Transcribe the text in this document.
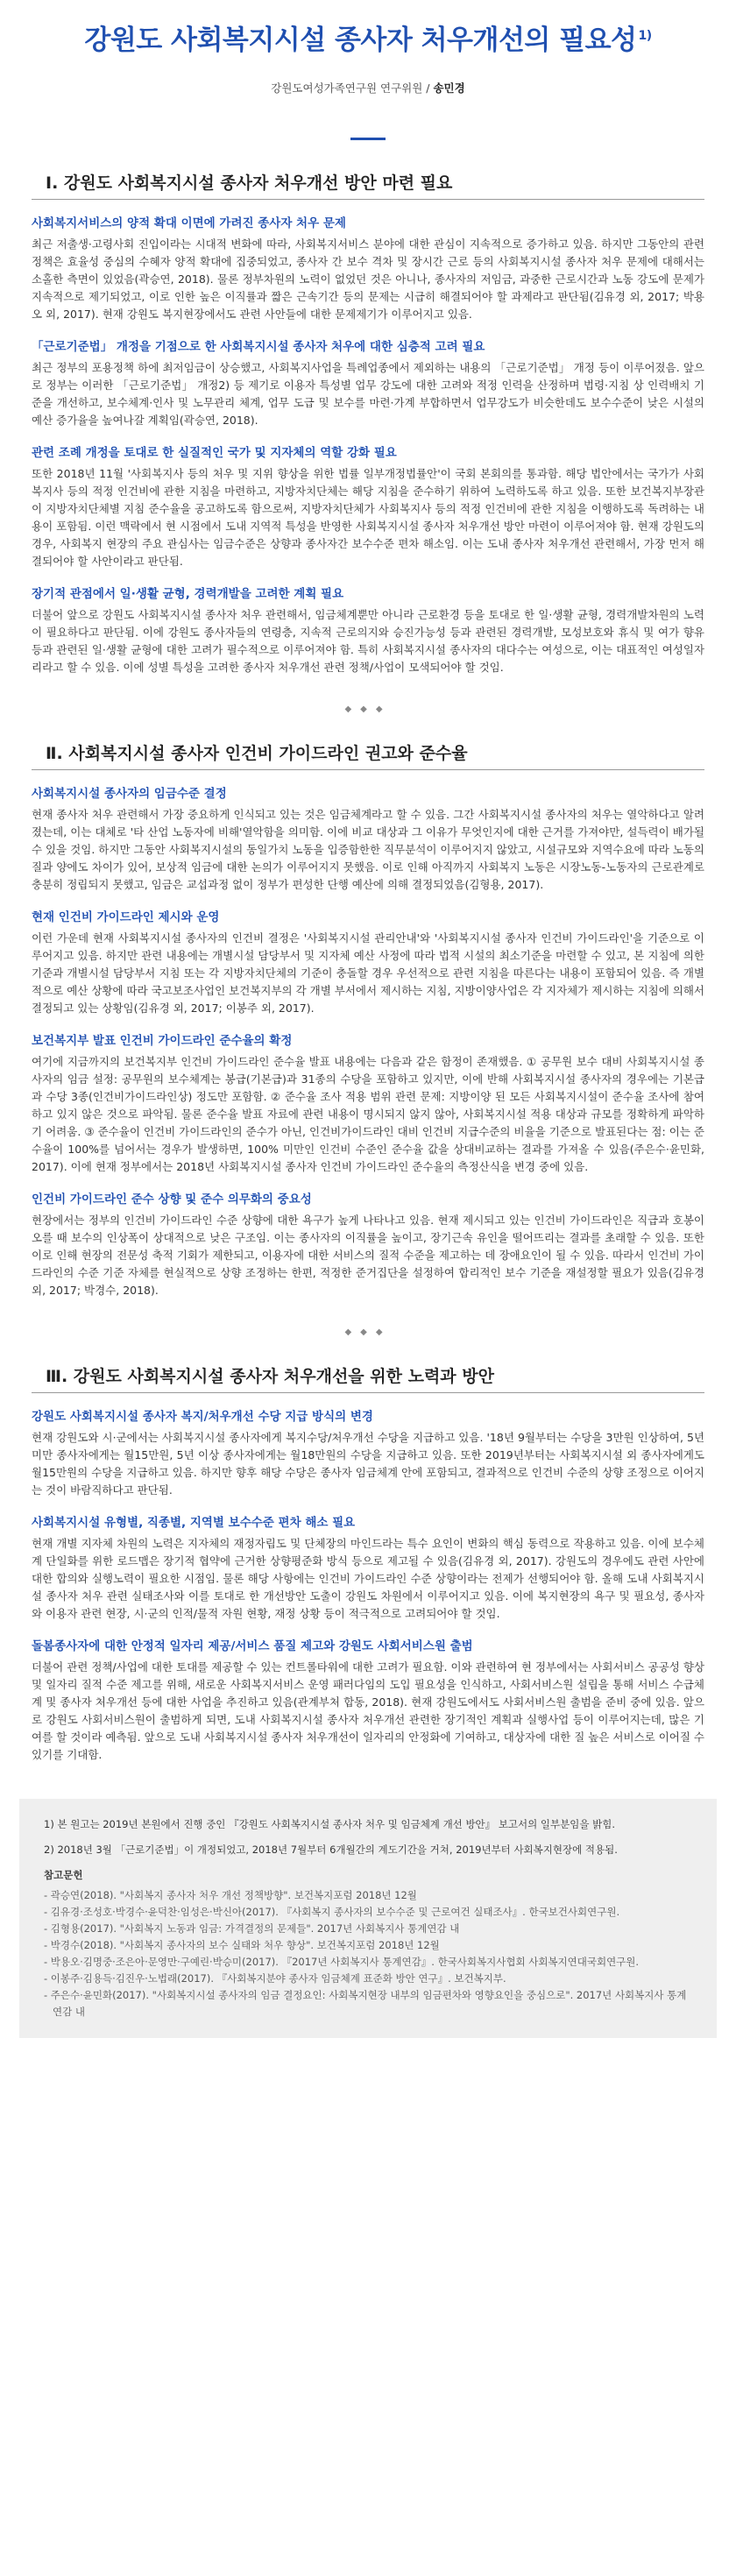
강원도 사회복지시설 종사자 처우개선의 필요성 $^{1)}$
강원도여성가족연구원 연구위원 / 송민경
Ⅰ. 강원도 사회복지시설 종사자 처우개선 방안 마련 필요
사회복지서비스의 양적 확대 이면에 가려진 종사자 처우 문제

최근 저출생·고령사회 진입이라는 시대적 변화에 따라, 사회복지서비스 분야에 대한 관심이 지속적으로 증가하고 있음. 하지만 그동안의 관련 정책은 효율성 중심의 수혜자 양적 확대에 집중되었고, 종사자 간 보수 격차 및 장시간 근로 등의 사회복지시설 종사자 처우 문제에 대해서는 소홀한 측면이 있었음(곽승연, 2018). 물론 정부차원의 노력이 없었던 것은 아니나, 종사자의 저임금, 과중한 근로시간과 노동 강도에 문제가 지속적으로 제기되었고, 이로 인한 높은 이직률과 짧은 근속기간 등의 문제는 시급히 해결되어야 할 과제라고 판단됨(김유경 외, 2017; 박용오 외, 2017). 현재 강원도 복지현장에서도 관련 사안들에 대한 문제제기가 이루어지고 있음.

「근로기준법」 개정을 기점으로 한 사회복지시설 종사자 처우에 대한 심층적 고려 필요

최근 정부의 포용정책 하에 최저임금이 상승했고, 사회복지사업을 특례업종에서 제외하는 내용의 「근로기준법」 개정 등이 이루어졌음. 앞으로 정부는 이러한 「근로기준법」 개정2) 등 제기로 이용자 특성별 업무 강도에 대한 고려와 적정 인력을 산정하며 법령·지침 상 인력배치 기준을 개선하고, 보수체계·인사 및 노무관리 체계, 업무 도급 및 보수를 마련·가계 부합하면서 업무강도가 비슷한데도 보수수준이 낮은 시설의 예산 증가율을 높여나갈 계획임(곽승연, 2018).

관련 조례 개정을 토대로 한 실질적인 국가 및 지자체의 역할 강화 필요

또한 2018년 11월 '사회복지사 등의 처우 및 지위 향상을 위한 법률 일부개정법률안'이 국회 본회의를 통과함. 해당 법안에서는 국가가 사회복지사 등의 적정 인건비에 관한 지침을 마련하고, 지방자치단체는 해당 지침을 준수하기 위하여 노력하도록 하고 있음. 또한 보건복지부장관이 지방자치단체별 지침 준수율을 공고하도록 함으로써, 지방자치단체가 사회복지사 등의 적정 인건비에 관한 지침을 이행하도록 독려하는 내용이 포함됨. 이런 맥락에서 현 시점에서 도내 지역적 특성을 반영한 사회복지시설 종사자 처우개선 방안 마련이 이루어져야 함. 현재 강원도의 경우, 사회복지 현장의 주요 관심사는 임금수준은 상향과 종사자간 보수수준 편차 해소임. 이는 도내 종사자 처우개선 관련해서, 가장 먼저 해결되어야 할 사안이라고 판단됨.

장기적 관점에서 일·생활 균형, 경력개발을 고려한 계획 필요

더불어 앞으로 강원도 사회복지시설 종사자 처우 관련해서, 임금체계뿐만 아니라 근로환경 등을 토대로 한 일·생활 균형, 경력개발차원의 노력이 필요하다고 판단됨. 이에 강원도 종사자들의 연령층, 지속적 근로의지와 승진가능성 등과 관련된 경력개발, 모성보호와 휴식 및 여가 향유 등과 관련된 일·생활 균형에 대한 고려가 필수적으로 이루어져야 함. 특히 사회복지시설 종사자의 대다수는 여성으로, 이는 대표적인 여성일자리라고 할 수 있음. 이에 성별 특성을 고려한 종사자 처우개선 관련 정책/사업이 모색되어야 할 것임.

◆◆◆
Ⅱ. 사회복지시설 종사자 인건비 가이드라인 권고와 준수율
사회복지시설 종사자의 임금수준 결정

현재 종사자 처우 관련해서 가장 중요하게 인식되고 있는 것은 임금체계라고 할 수 있음. 그간 사회복지시설 종사자의 처우는 열악하다고 알려졌는데, 이는 대체로 '타 산업 노동자에 비해'열악함을 의미함. 이에 비교 대상과 그 이유가 무엇인지에 대한 근거를 가져야만, 설득력이 배가될 수 있을 것임. 하지만 그동안 사회복지시설의 동일가치 노동을 입증함한한 직무분석이 이루어지지 않았고, 시설규모와 지역수요에 따라 노동의 질과 양에도 차이가 있어, 보상적 임금에 대한 논의가 이루어지지 못했음. 이로 인해 아직까지 사회복지 노동은 시장노동-노동자의 근로관계로 충분히 정립되지 못했고, 임금은 교섭과정 없이 정부가 편성한 단행 예산에 의해 결정되었음(김형용, 2017).

현재 인건비 가이드라인 제시와 운영

이런 가운데 현재 사회복지시설 종사자의 인건비 결정은 '사회복지시설 관리안내'와 '사회복지시설 종사자 인건비 가이드라인'을 기준으로 이루어지고 있음. 하지만 관련 내용에는 개별시설 담당부서 및 지자체 예산 사정에 따라 법적 시설의 최소기준을 마련할 수 있고, 본 지침에 의한 기준과 개별시설 담당부서 지침 또는 각 지방자치단체의 기준이 충돌할 경우 우선적으로 관련 지침을 따른다는 내용이 포함되어 있음. 즉 개별적으로 예산 상황에 따라 국고보조사업인 보건복지부의 각 개별 부서에서 제시하는 지침, 지방이양사업은 각 지자체가 제시하는 지침에 의해서 결정되고 있는 상황임(김유경 외, 2017; 이봉주 외, 2017).

보건복지부 발표 인건비 가이드라인 준수율의 확정

여기에 지금까지의 보건복지부 인건비 가이드라인 준수율 발표 내용에는 다음과 같은 함정이 존재했음. ① 공무원 보수 대비 사회복지시설 종사자의 임금 설정: 공무원의 보수체계는 봉급(기본급)과 31종의 수당을 포함하고 있지만, 이에 반해 사회복지시설 종사자의 경우에는 기본급과 수당 3종(인건비가이드라인상) 정도만 포함함. ② 준수율 조사 적용 범위 관련 문제: 지방이양 된 모든 사회복지시설이 준수율 조사에 참여하고 있지 않은 것으로 파악됨. 물론 준수율 발표 자료에 관련 내용이 명시되지 않지 않아, 사회복지시설 적용 대상과 규모를 정확하게 파악하기 어려움. ③ 준수율이 인건비 가이드라인의 준수가 아닌, 인건비가이드라인 대비 인건비 지급수준의 비율을 기준으로 발표된다는 점: 이는 준수율이 100%를 넘어서는 경우가 발생하면, 100% 미만인 인건비 수준인 준수율 값을 상대비교하는 결과를 가져올 수 있음(주은수·윤민화, 2017). 이에 현재 정부에서는 2018년 사회복지시설 종사자 인건비 가이드라인 준수율의 측정산식을 변경 중에 있음.

인건비 가이드라인 준수 상향 및 준수 의무화의 중요성

현장에서는 정부의 인건비 가이드라인 수준 상향에 대한 욕구가 높게 나타나고 있음. 현재 제시되고 있는 인건비 가이드라인은 직급과 호봉이 오를 때 보수의 인상폭이 상대적으로 낮은 구조임. 이는 종사자의 이직률을 높이고, 장기근속 유인을 떨어뜨리는 결과를 초래할 수 있음. 또한 이로 인해 현장의 전문성 축적 기회가 제한되고, 이용자에 대한 서비스의 질적 수준을 제고하는 데 장애요인이 될 수 있음. 따라서 인건비 가이드라인의 수준 기준 자체를 현실적으로 상향 조정하는 한편, 적정한 준거집단을 설정하여 합리적인 보수 기준을 재설정할 필요가 있음(김유경 외, 2017; 박경수, 2018).

◆◆◆
Ⅲ. 강원도 사회복지시설 종사자 처우개선을 위한 노력과 방안
강원도 사회복지시설 종사자 복지/처우개선 수당 지급 방식의 변경

현재 강원도와 시·군에서는 사회복지시설 종사자에게 복지수당/처우개선 수당을 지급하고 있음. '18년 9월부터는 수당을 3만원 인상하여, 5년 미만 종사자에게는 월15만원, 5년 이상 종사자에게는 월18만원의 수당을 지급하고 있음. 또한 2019년부터는 사회복지시설 외 종사자에게도 월15만원의 수당을 지급하고 있음. 하지만 향후 해당 수당은 종사자 임금체계 안에 포함되고, 결과적으로 인건비 수준의 상향 조정으로 이어지는 것이 바람직하다고 판단됨.

사회복지시설 유형별, 직종별, 지역별 보수수준 편차 해소 필요

현재 개별 지자체 차원의 노력은 지자체의 재정자립도 및 단체장의 마인드라는 특수 요인이 변화의 핵심 동력으로 작용하고 있음. 이에 보수체계 단일화를 위한 로드맵은 장기적 협약에 근거한 상향평준화 방식 등으로 제고될 수 있음(김유경 외, 2017). 강원도의 경우에도 관련 사안에 대한 합의와 실행노력이 필요한 시점임. 물론 해당 사항에는 인건비 가이드라인 수준 상향이라는 전제가 선행되어야 함. 올해 도내 사회복지시설 종사자 처우 관련 실태조사와 이를 토대로 한 개선방안 도출이 강원도 차원에서 이루어지고 있음. 이에 복지현장의 욕구 및 필요성, 종사자와 이용자 관련 현장, 시·군의 인적/물적 자원 현황, 재정 상황 등이 적극적으로 고려되어야 할 것임.

돌봄종사자에 대한 안정적 일자리 제공/서비스 품질 제고와 강원도 사회서비스원 출범

더불어 관련 정책/사업에 대한 토대를 제공할 수 있는 컨트롤타워에 대한 고려가 필요함. 이와 관련하여 현 정부에서는 사회서비스 공공성 향상 및 일자리 질적 수준 제고를 위해, 새로운 사회복지서비스 운영 패러다임의 도입 필요성을 인식하고, 사회서비스원 설립을 통해 서비스 수급체계 및 종사자 처우개선 등에 대한 사업을 추진하고 있음(관계부처 합동, 2018). 현재 강원도에서도 사회서비스원 출범을 준비 중에 있음. 앞으로 강원도 사회서비스원이 출범하게 되면, 도내 사회복지시설 종사자 처우개선 관련한 장기적인 계획과 실행사업 등이 이루어지는데, 많은 기여를 할 것이라 예측됨. 앞으로 도내 사회복지시설 종사자 처우개선이 일자리의 안정화에 기여하고, 대상자에 대한 질 높은 서비스로 이어질 수 있기를 기대함.

1) 본 원고는 2019년 본원에서 진행 중인 『강원도 사회복지시설 종사자 처우 및 임금체계 개선 방안』 보고서의 일부분임을 밝힘.

2) 2018년 3월 「근로기준법」이 개정되었고, 2018년 7월부터 6개월간의 계도기간을 거쳐, 2019년부터 사회복지현장에 적용됨.

참고문헌

- 곽승연(2018). "사회복지 종사자 처우 개선 정책방향". 보건복지포럼 2018년 12월

- 김유경·조성호·박경수·윤덕찬·임성은·박신아(2017). 『사회복지 종사자의 보수수준 및 근로여건 실태조사』. 한국보건사회연구원.

- 김형용(2017). "사회복지 노동과 임금: 가격결정의 문제들". 2017년 사회복지사 통계연감 내

- 박경수(2018). "사회복지 종사자의 보수 실태와 처우 향상". 보건복지포럼 2018년 12월

- 박용오·김명중·조은아·문영만·구예린·박승미(2017). 『2017년 사회복지사 통계연감』. 한국사회복지사협회 사회복지연대국회연구원.

- 이봉주·김용득·김진우·노법래(2017). 『사회복지분야 종사자 임금체계 표준화 방안 연구』. 보건복지부.

- 주은수·윤민화(2017). "사회복지시설 종사자의 임금 결정요인: 사회복지현장 내부의 임금편차와 영향요인을 중심으로". 2017년 사회복지사 통계연감 내
